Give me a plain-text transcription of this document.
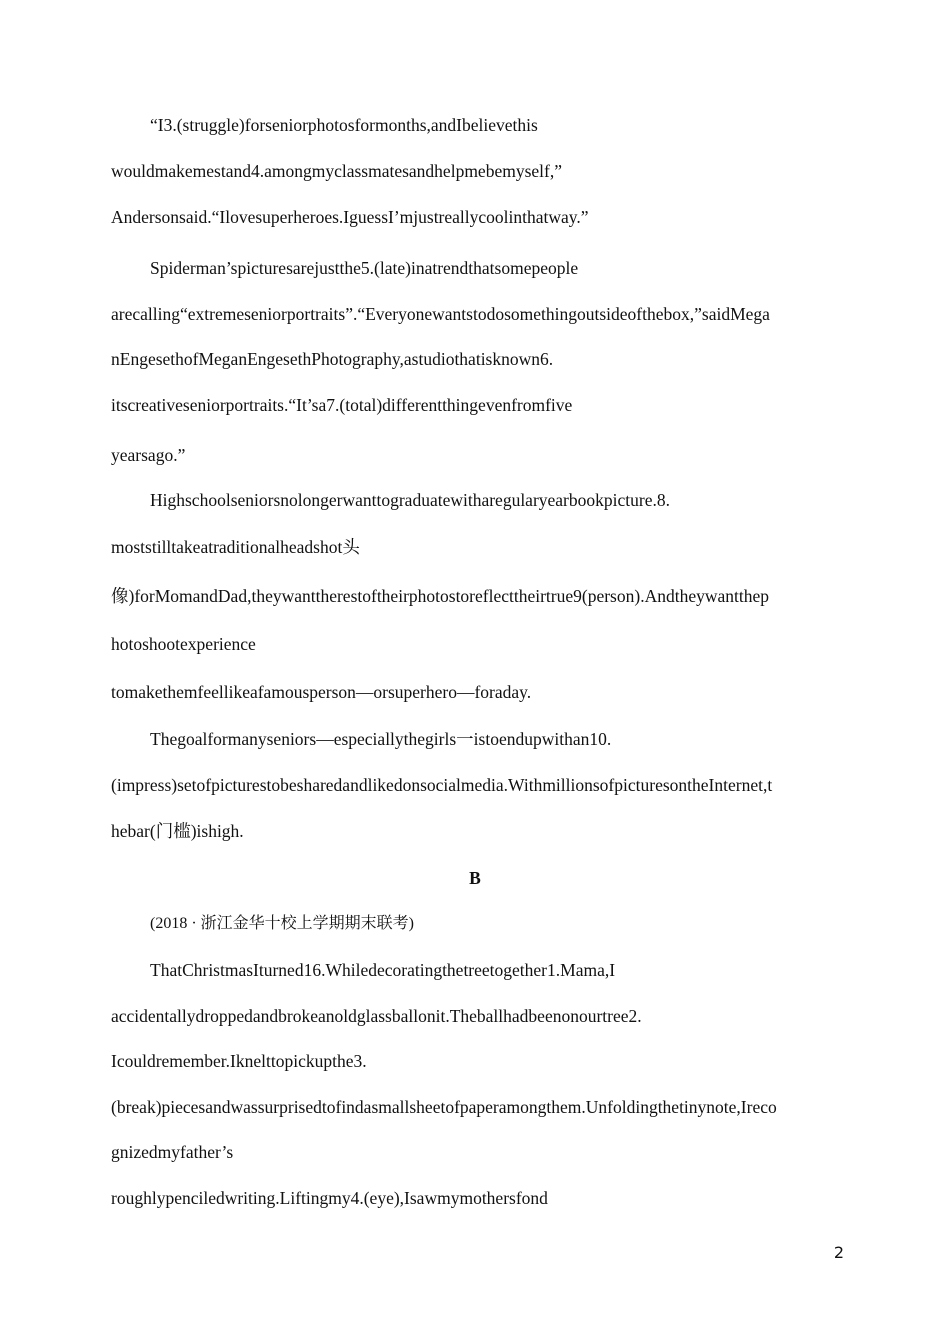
“I3.(struggle)forseniorphotosformonths,andIbelievethis
wouldmakemestand4.amongmyclassmatesandhelpmebemyself,”
Andersonsaid.“Ilovesuperheroes.IguessI’mjustreallycoolinthatway.”
Spiderman’spicturesarejustthe5.(late)inatrendthatsomepeople
arecalling“extremeseniorportraits”.“Everyonewantstodosomethingoutsideofthebox,”saidMega
nEngesethofMeganEngesethPhotography,astudiothatisknown6.
itscreativeseniorportraits.“It’sa7.(total)differentthingevenfromfive
yearsago.”
Highschoolseniorsnolongerwanttograduatewitharegularyearbookpicture.8.
moststilltakeatraditionalheadshot头
像)forMomandDad,theywanttherestoftheirphotostoreflecttheirtrue9(person).Andtheywantthep
hotoshootexperience
tomakethemfeellikeafamousperson—orsuperhero—foraday.
Thegoalformanyseniors—especiallythegirls一istoendupwithan10.
(impress)setofpicturestobesharedandlikedonsocialmedia.WithmillionsofpicturesontheInternet,t
hebar(门槛)ishigh.
B
(2018 · 浙江金华十校上学期期末联考)
ThatChristmasIturned16.Whiledecoratingthetreetogether1.Mama,I
accidentallydroppedandbrokeanoldglassballonit.Theballhadbeenonourtree2.
Icouldremember.Iknelttopickupthe3.
(break)piecesandwassurprisedtofindasmallsheetofpaperamongthem.Unfoldingthetinynote,Ireco
gnizedmyfather’s
roughlypenciledwriting.Liftingmy4.(eye),Isawmymothersfond
2
